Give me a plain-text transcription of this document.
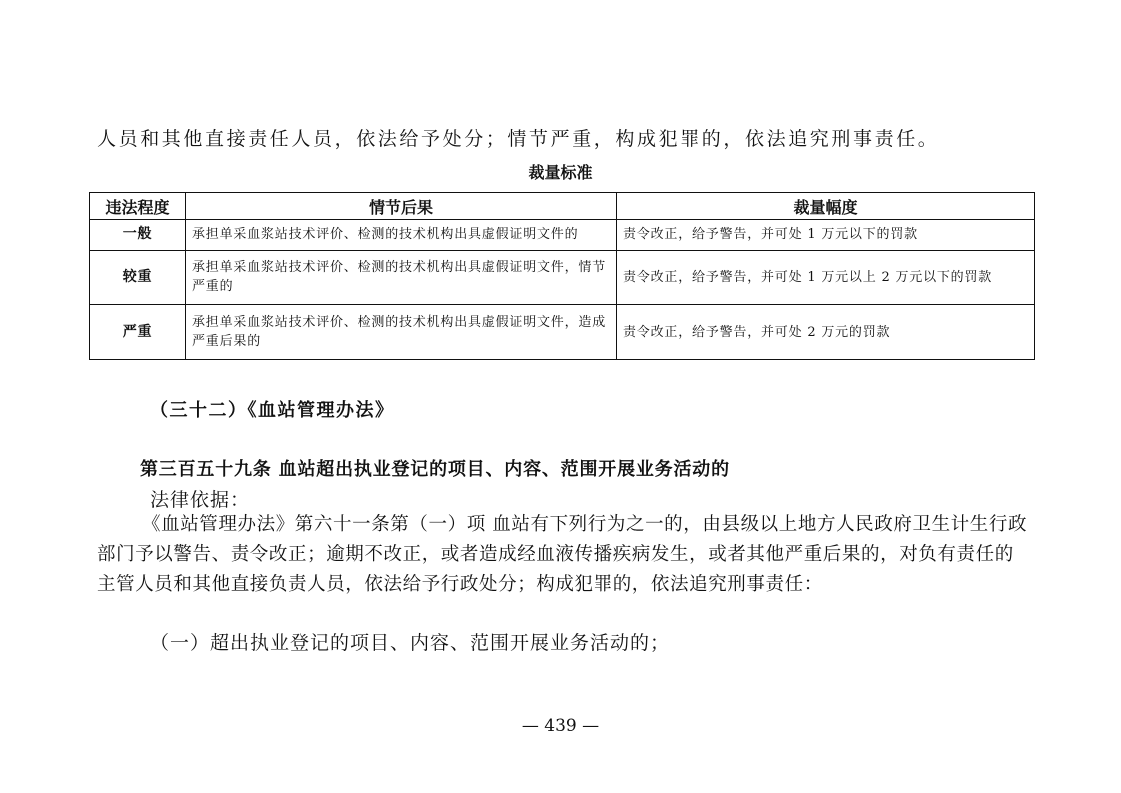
人员和其他直接责任人员，依法给予处分；情节严重，构成犯罪的，依法追究刑事责任。
裁量标准
违法程度	情节后果	裁量幅度
一般	承担单采血浆站技术评价、检测的技术机构出具虚假证明文件的	责令改正，给予警告，并可处 1 万元以下的罚款
较重	承担单采血浆站技术评价、检测的技术机构出具虚假证明文件，情节严重的	责令改正，给予警告，并可处 1 万元以上 2 万元以下的罚款
严重	承担单采血浆站技术评价、检测的技术机构出具虚假证明文件，造成严重后果的	责令改正，给予警告，并可处 2 万元的罚款
（三十二）《血站管理办法》
第三百五十九条 血站超出执业登记的项目、内容、范围开展业务活动的
法律依据：
《血站管理办法》第六十一条第（一）项 血站有下列行为之一的，由县级以上地方人民政府卫生计生行政部门予以警告、责令改正；逾期不改正，或者造成经血液传播疾病发生，或者其他严重后果的，对负有责任的主管人员和其他直接负责人员，依法给予行政处分；构成犯罪的，依法追究刑事责任：
（一）超出执业登记的项目、内容、范围开展业务活动的；
— 439 —
